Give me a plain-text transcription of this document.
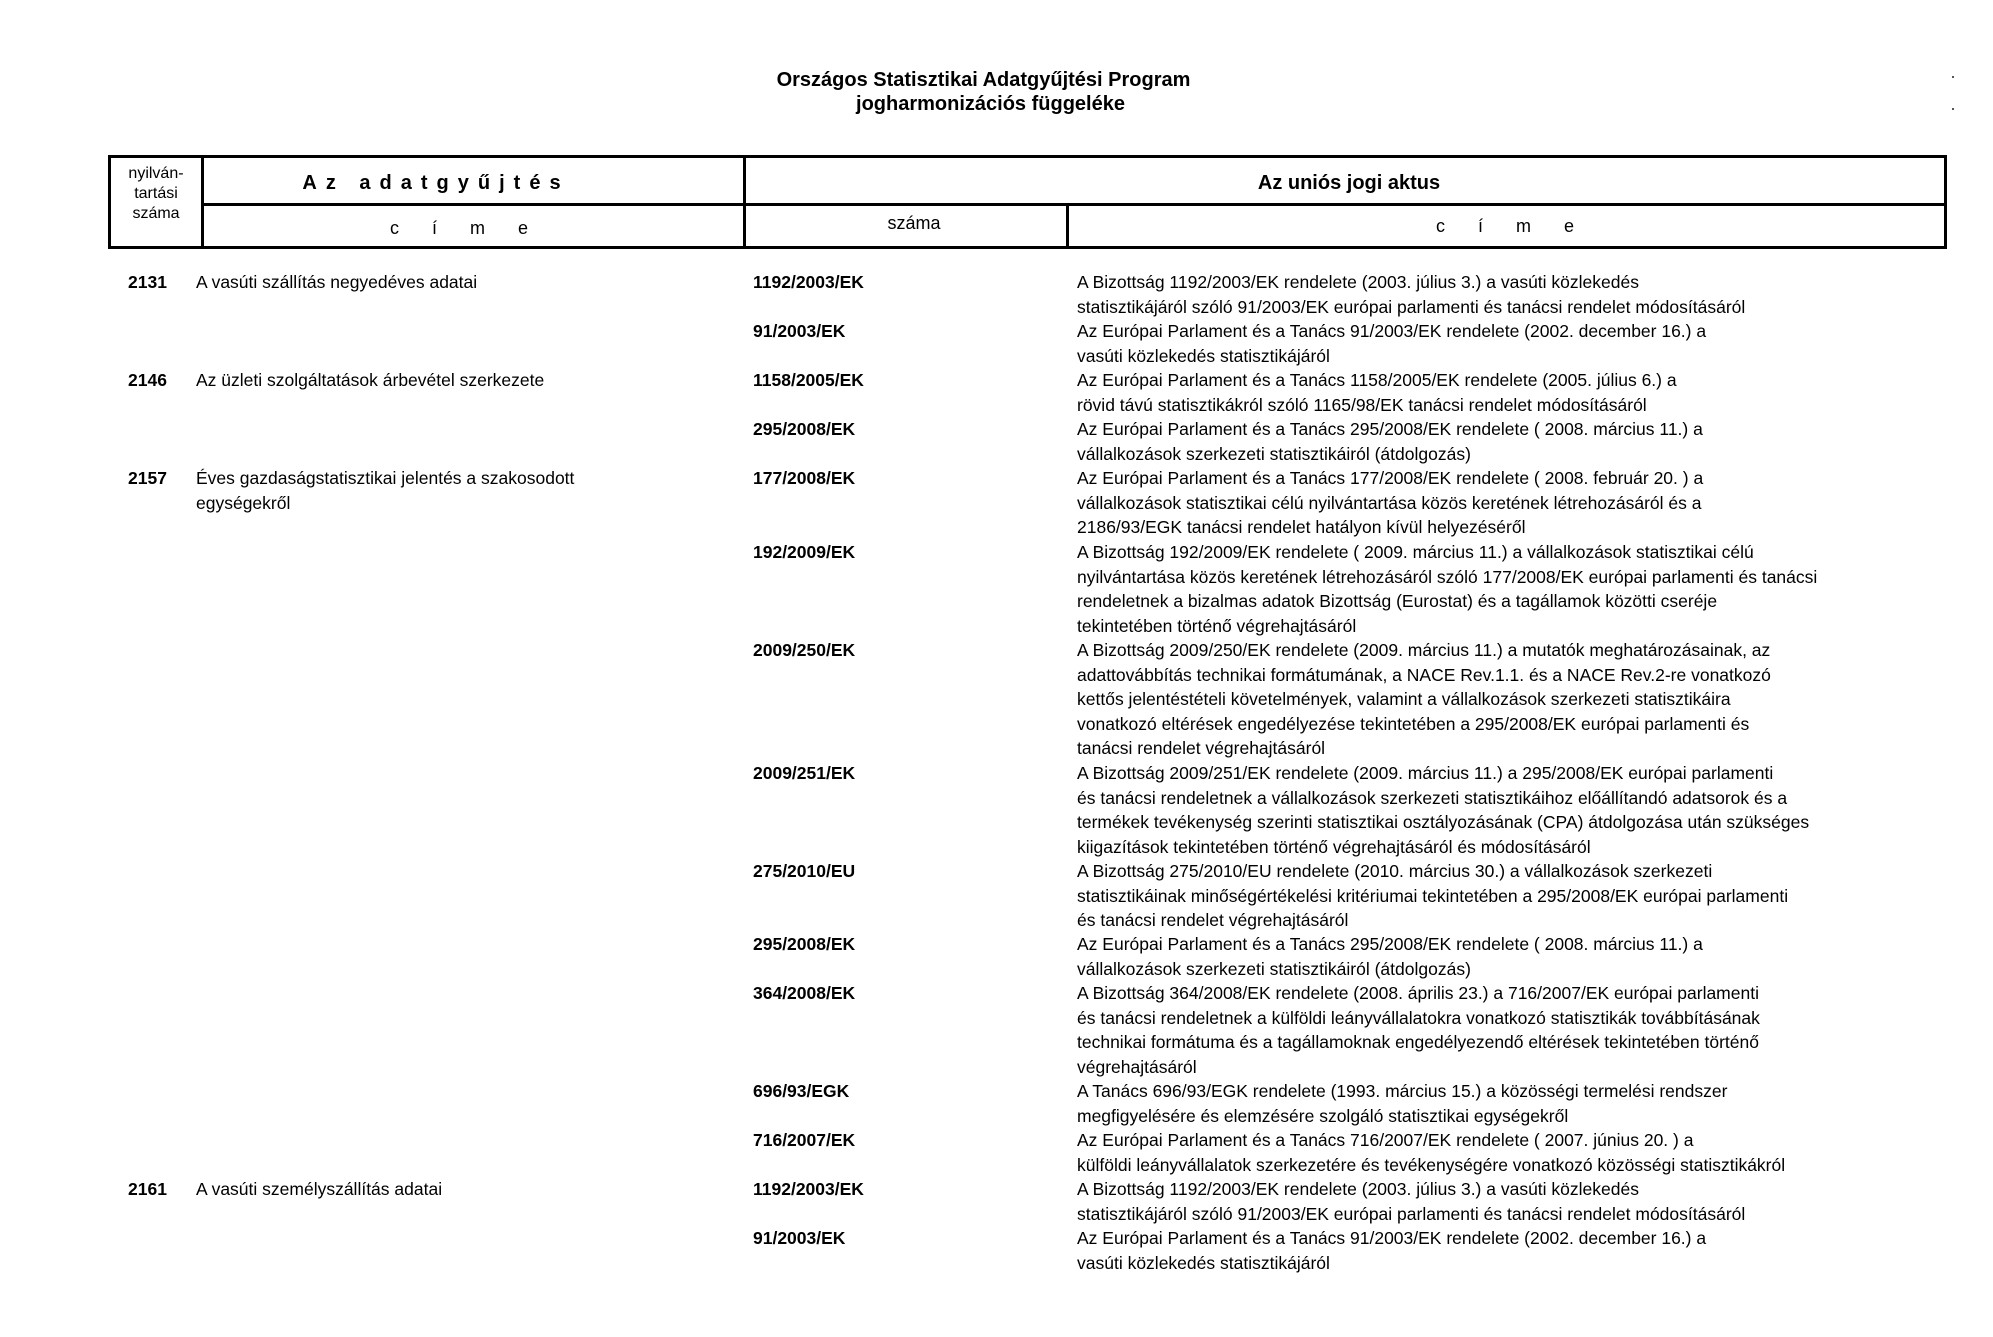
Országos Statisztikai Adatgyűjtési Program
jogharmonizációs függeléke
nyilván-
tartási
száma
Az adatgyűjtés
c í m e
Az uniós jogi aktus
száma	c í m e
2131	A vasúti szállítás negyedéves adatai	1192/2003/EK	A Bizottság 1192/2003/EK rendelete (2003. július 3.) a vasúti közlekedés
statisztikájáról szóló 91/2003/EK európai parlamenti és tanácsi rendelet módosításáról
91/2003/EK	Az Európai Parlament és a Tanács 91/2003/EK rendelete (2002. december 16.) a
vasúti közlekedés statisztikájáról
2146	Az üzleti szolgáltatások árbevétel szerkezete	1158/2005/EK	Az Európai Parlament és a Tanács 1158/2005/EK rendelete (2005. július 6.) a
rövid távú statisztikákról szóló 1165/98/EK tanácsi rendelet módosításáról
295/2008/EK	Az Európai Parlament és a Tanács 295/2008/EK rendelete ( 2008. március 11.) a
vállalkozások szerkezeti statisztikáiról (átdolgozás)
2157	Éves gazdaságstatisztikai jelentés a szakosodott
egységekről
177/2008/EK	Az Európai Parlament és a Tanács 177/2008/EK rendelete ( 2008. február 20. ) a
vállalkozások statisztikai célú nyilvántartása közös keretének létrehozásáról és a
2186/93/EGK tanácsi rendelet hatályon kívül helyezéséről
192/2009/EK	A Bizottság 192/2009/EK rendelete ( 2009. március 11.) a vállalkozások statisztikai célú
nyilvántartása közös keretének létrehozásáról szóló 177/2008/EK európai parlamenti és tanácsi
rendeletnek a bizalmas adatok Bizottság (Eurostat) és a tagállamok közötti cseréje
tekintetében történő végrehajtásáról
2009/250/EK	A Bizottság 2009/250/EK rendelete (2009. március 11.) a mutatók meghatározásainak, az
adattovábbítás technikai formátumának, a NACE Rev.1.1. és a NACE Rev.2-re vonatkozó
kettős jelentéstételi követelmények, valamint a vállalkozások szerkezeti statisztikáira
vonatkozó eltérések engedélyezése tekintetében a 295/2008/EK európai parlamenti és
tanácsi rendelet végrehajtásáról
2009/251/EK	A Bizottság 2009/251/EK rendelete (2009. március 11.) a 295/2008/EK európai parlamenti
és tanácsi rendeletnek a vállalkozások szerkezeti statisztikáihoz előállítandó adatsorok és a
termékek tevékenység szerinti statisztikai osztályozásának (CPA) átdolgozása után szükséges
kiigazítások tekintetében történő végrehajtásáról és módosításáról
275/2010/EU	A Bizottság 275/2010/EU rendelete (2010. március 30.) a vállalkozások szerkezeti
statisztikáinak minőségértékelési kritériumai tekintetében a 295/2008/EK európai parlamenti
és tanácsi rendelet végrehajtásáról
295/2008/EK	Az Európai Parlament és a Tanács 295/2008/EK rendelete ( 2008. március 11.) a
vállalkozások szerkezeti statisztikáiról (átdolgozás)
364/2008/EK	A Bizottság 364/2008/EK rendelete (2008. április 23.) a 716/2007/EK európai parlamenti
és tanácsi rendeletnek a külföldi leányvállalatokra vonatkozó statisztikák továbbításának
technikai formátuma és a tagállamoknak engedélyezendő eltérések tekintetében történő
végrehajtásáról
696/93/EGK	A Tanács 696/93/EGK rendelete (1993. március 15.) a közösségi termelési rendszer
megfigyelésére és elemzésére szolgáló statisztikai egységekről
716/2007/EK	Az Európai Parlament és a Tanács 716/2007/EK rendelete ( 2007. június 20. ) a
külföldi leányvállalatok szerkezetére és tevékenységére vonatkozó közösségi statisztikákról
2161	A vasúti személyszállítás adatai	1192/2003/EK	A Bizottság 1192/2003/EK rendelete (2003. július 3.) a vasúti közlekedés
statisztikájáról szóló 91/2003/EK európai parlamenti és tanácsi rendelet módosításáról
91/2003/EK	Az Európai Parlament és a Tanács 91/2003/EK rendelete (2002. december 16.) a
vasúti közlekedés statisztikájáról
